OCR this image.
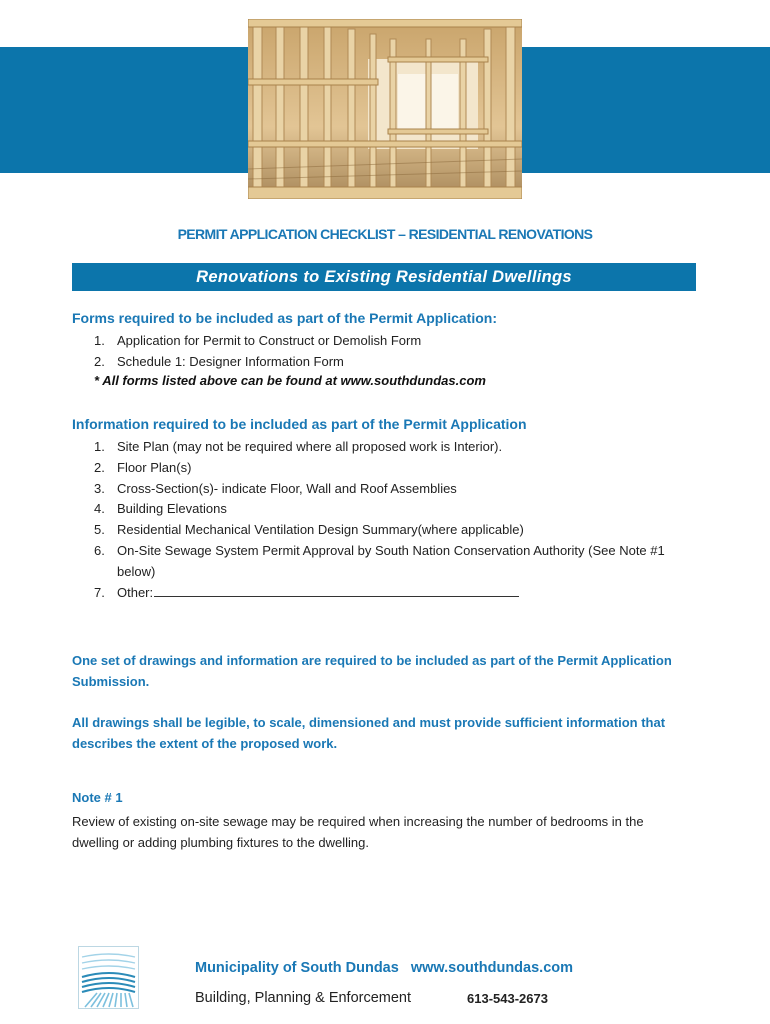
PERMIT APPLICATION CHECKLIST – RESIDENTIAL RENOVATIONS
Renovations to Existing Residential Dwellings
Forms required to be included as part of the Permit Application:
1. Application for Permit to Construct or Demolish Form
2. Schedule 1: Designer Information Form
* All forms listed above can be found at www.southdundas.com
Information required to be included as part of the Permit Application
1. Site Plan (may not be required where all proposed work is Interior).
2. Floor Plan(s)
3. Cross-Section(s)- indicate Floor, Wall and Roof Assemblies
4. Building Elevations
5. Residential Mechanical Ventilation Design Summary(where applicable)
6. On-Site Sewage System Permit Approval by South Nation Conservation Authority (See Note #1 below)
7. Other:
One set of drawings and information are required to be included as part of the Permit Application Submission.
All drawings shall be legible, to scale, dimensioned and must provide sufficient information that describes the extent of the proposed work.
Note # 1
Review of existing on-site sewage may be required when increasing the number of bedrooms in the dwelling or adding plumbing fixtures to the dwelling.
Municipality of South Dundas www.southdundas.com
Building, Planning & Enforcement	613-543-2673
